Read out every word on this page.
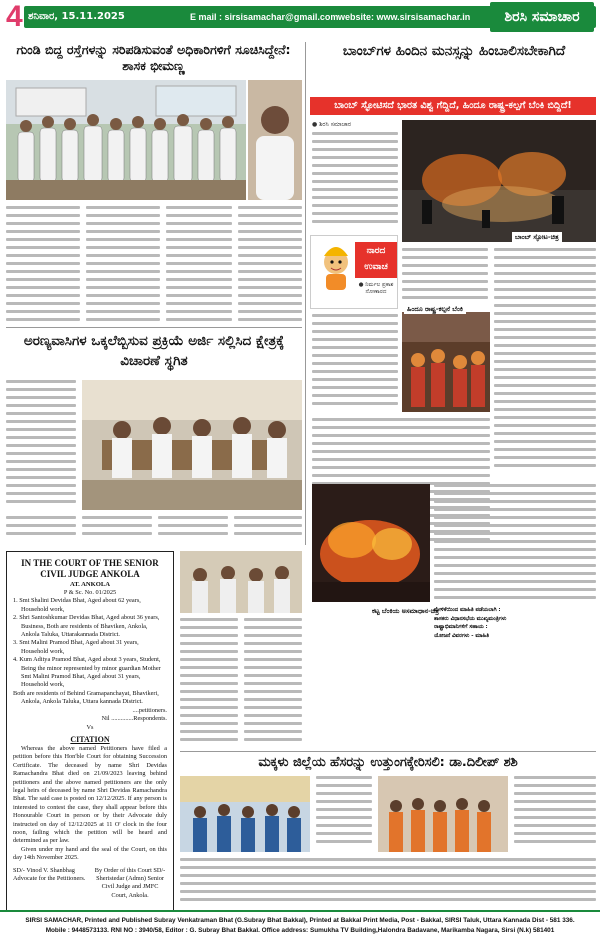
4 ಶನಿವಾರ, 15.11.2025	E mail : sirsisamachar@gmail.com website: www.sirsisamachar.in	ಶಿರಸಿ ಸಮಾಚಾರ
ಗುಂಡಿ ಬಿದ್ದ ರಸ್ತೆಗಳನ್ನು ಸರಿಪಡಿಸುವಂತೆ ಅಧಿಕಾರಿಗಳಿಗೆ ಸೂಚಿಸಿದ್ದೇನೆ: ಶಾಸಕ ಭೀಮಣ್ಣ
ಬಾಂಬ್‌ಗಳ ಹಿಂದಿನ ಮನಸ್ಸನ್ನು ಹಿಂಬಾಲಿಸಬೇಕಾಗಿದೆ
ಬಾಂಬ್ ಸ್ಫೋಟಿಸದೆ ಭಾರತ ವಿಶ್ವ ಗೆದ್ದಿದೆ, ಹಿಂದೂ ರಾಷ್ಟ್ರ-ಕಲ್ಪಗೆ ಬೆಂಕಿ ಬಿದ್ದಿದೆ!
● ಶಿರಸಿ ಸಮಾಚಾರ
ಬಾಂಬ್ ಸ್ಫೋಟ-ಚಿತ್ರ
ನಾರದ ಉವಾಚ
● ನಿರ್ಮಲ ಪ್ರಕಾಶ ನೋಣಾರದ
ಹಿಂದೂ ರಾಷ್ಟ್ರ-ಕಲ್ಪನೆ ಬೆಂಕಿ
ಅರಣ್ಯವಾಸಿಗಳ ಒಕ್ಕಲೆಬ್ಬಿಸುವ ಪ್ರಕ್ರಿಯೆ ಅರ್ಜಿ ಸಲ್ಲಿಸಿದ ಕ್ಷೇತ್ರಕ್ಕೆ ವಿಚಾರಣೆ ಸ್ಥಗಿತ
IN THE COURT OF THE SENIOR CIVIL JUDGE ANKOLA
AT. ANKOLA
P & Sc. No. 01/2025
1. Smt Shalini Devidas Bhat, Aged about 62 years, Household work,
2. Shri Santoshkumar Devidas Bhat, Aged about 36 years, Business, Both are residents of Bhaviken, Ankola, Ankola Taluka, Uttarakannada District.
3. Smt Malini Pramod Bhat, Aged about 31 years, Household work,
4. Kum Aditya Pramod Bhat, Aged about 3 years, Student, Being the minor represented by minor guardian Mother Smt Malini Pramod Bhat, Aged about 31 years, Household work,
Both are residents of Behind Gramapanchayat, Bhavikeri, Ankola, Ankola Taluka, Uttara kannada District.
....petitioners.
Nil ..............Respondents.
Vs
CITATION
Whereas the above named Petitioners have filed a petition before this Hon'ble Court for obtaining Succession Certificate. The deceased by name Shri Devidas Ramachandra Bhat died on 21/09/2023 leaving behind petitioners and the above named petitioners are the only legal heirs of deceased by name Shri Devidas Ramachandra Bhat. The said case is posted on 12/12/2025. If any person is interested to contest the case, they shall appear before this Honourable Court in person or by their Advocate duly instructed on day of 12/12/2025 at 11 O' clock in the four noon, failing which the petition will be heard and determined as per law.
Given under my hand and the seal of the Court, on this day 14th November 2025.
SD/- Vinod V. Shanbhag Advocate for the Petitioners.
By Order of this Court SD/- Sheristedar (Admn) Senior Civil Judge and JMFC Court, Ankola.
ಕಟ್ಟ ಬೆಂಕಿಯ ಅಸಮಾಧಾನ-ಚಿತ್ರ
ಮೇಳಿಕೆಯಿಂದ ಮಾಹಿತಿ ಪಡೆಯಲಾಗಿ :
ಶಾಸಕರು ವಿಧಾನಸಭೆಯ ಮುಖ್ಯಮಂತ್ರಿಗಳು
ರಾಷ್ಟ್ರಾಭಿಮಾನಿಗಳಿಗೆ ಸಹಾಯ :
ಯೋಜನೆ ವಿವರಗಳು - ಮಾಹಿತಿ
ಮಕ್ಕಳು ಜಿಲ್ಲೆಯ ಹೆಸರನ್ನು ಉತ್ತುಂಗಕ್ಕೇರಿಸಲಿ: ಡಾ.ದಿಲೀಪ್ ಶಶಿ
SIRSI SAMACHAR, Printed and Published Subray Venkatraman Bhat (G.Subray Bhat Bakkal), Printed at Bakkal Print Media, Post - Bakkal, SIRSI Taluk, Uttara Kannada Dist - 581 336.
Mobile : 9448573133. RNI NO : 3940/58, Editor : G. Subray Bhat Bakkal. Office address: Sumukha TV Building,Halondra Badavane, Marikamba Nagara, Sirsi (N.k) 581401
